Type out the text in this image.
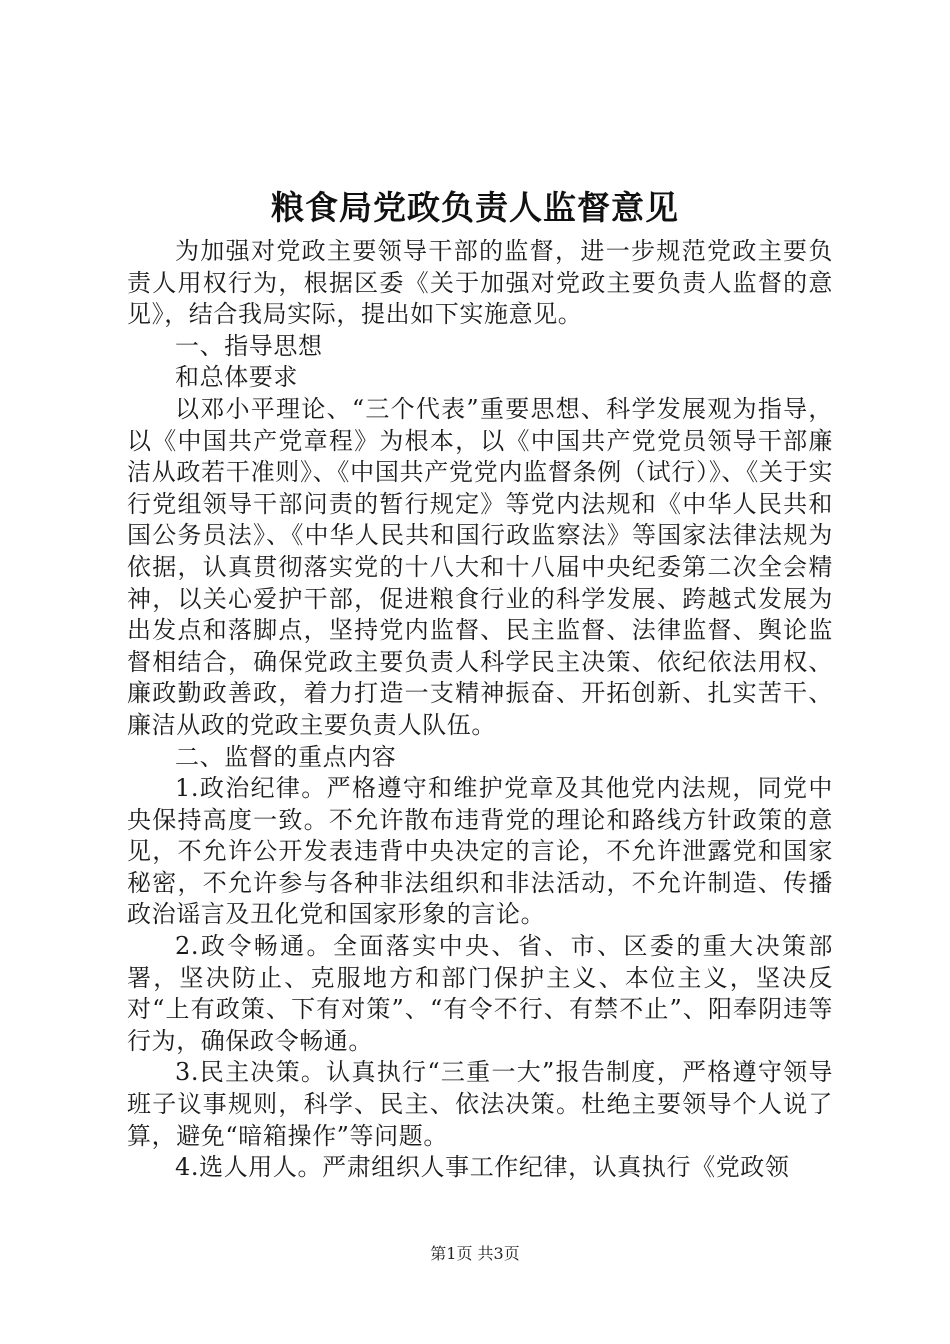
粮食局党政负责人监督意见

为加强对党政主要领导干部的监督，进一步规范党政主要负责人用权行为，根据区委《关于加强对党政主要负责人监督的意见》，结合我局实际，提出如下实施意见。

一、指导思想

和总体要求

以邓小平理论、“三个代表”重要思想、科学发展观为指导，以《中国共产党章程》为根本，以《中国共产党党员领导干部廉洁从政若干准则》、《中国共产党党内监督条例（试行）》、《关于实行党组领导干部问责的暂行规定》等党内法规和《中华人民共和国公务员法》、《中华人民共和国行政监察法》等国家法律法规为依据，认真贯彻落实党的十八大和十八届中央纪委第二次全会精神，以关心爱护干部，促进粮食行业的科学发展、跨越式发展为出发点和落脚点，坚持党内监督、民主监督、法律监督、舆论监督相结合，确保党政主要负责人科学民主决策、依纪依法用权、廉政勤政善政，着力打造一支精神振奋、开拓创新、扎实苦干、廉洁从政的党政主要负责人队伍。

二、监督的重点内容

1.政治纪律。严格遵守和维护党章及其他党内法规，同党中央保持高度一致。不允许散布违背党的理论和路线方针政策的意见，不允许公开发表违背中央决定的言论，不允许泄露党和国家秘密，不允许参与各种非法组织和非法活动，不允许制造、传播政治谣言及丑化党和国家形象的言论。

2.政令畅通。全面落实中央、省、市、区委的重大决策部署，坚决防止、克服地方和部门保护主义、本位主义，坚决反对“上有政策、下有对策”、“有令不行、有禁不止”、阳奉阴违等行为，确保政令畅通。

3.民主决策。认真执行“三重一大”报告制度，严格遵守领导班子议事规则，科学、民主、依法决策。杜绝主要领导个人说了算，避免“暗箱操作”等问题。

4.选人用人。严肃组织人事工作纪律，认真执行《党政领

第1页 共3页
